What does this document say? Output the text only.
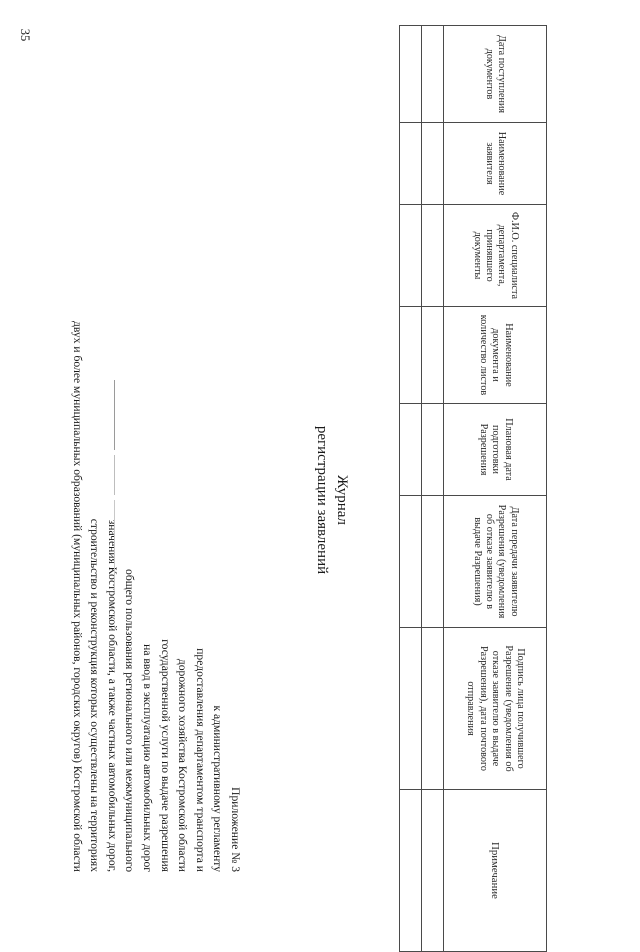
35
Приложение № 3
к административному регламенту
предоставления департаментом транспорта и
дорожного хозяйства Костромской области
государственной услуги по выдаче разрешения
на ввод в эксплуатацию автомобильных дорог
общего пользования регионального или межмуниципального
значения Костромской области, а также частных автомобильных дорог,
строительство и реконструкция которых осуществлены на территориях
двух и более муниципальных образований (муниципальных районов, городских округов) Костромской области	Журнал
регистрации заявлений
Дата поступления документов	Наименование заявителя	Ф.И.О. специалиста департамента, принявшего документы	Наименование документа и количество листов	Плановая дата подготовки Разрешения	Дата передачи заявителю Разрешения (уведомления об отказе заявителю в выдаче Разрешения)	Подпись лица получившего Разрешение (уведомления об отказе заявителю в выдаче Разрешения), дата почтового отправления	Примечание
